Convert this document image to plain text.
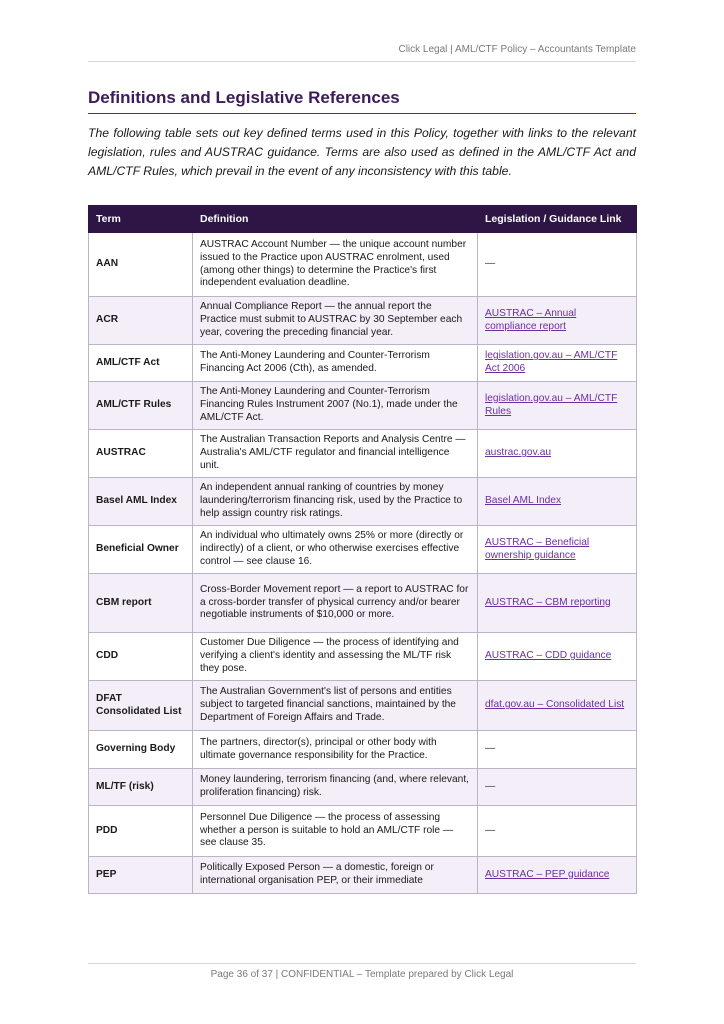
Click Legal | AML/CTF Policy – Accountants Template
Definitions and Legislative References

The following table sets out key defined terms used in this Policy, together with links to the relevant legislation, rules and AUSTRAC guidance. Terms are also used as defined in the AML/CTF Act and AML/CTF Rules, which prevail in the event of any inconsistency with this table.

Term	Definition	Legislation / Guidance Link
AAN	AUSTRAC Account Number — the unique account number issued to the Practice upon AUSTRAC enrolment, used (among other things) to determine the Practice's first independent evaluation deadline.	—
ACR	Annual Compliance Report — the annual report the Practice must submit to AUSTRAC by 30 September each year, covering the preceding financial year.	AUSTRAC – Annual compliance report
AML/CTF Act	The Anti-Money Laundering and Counter-Terrorism Financing Act 2006 (Cth), as amended.	legislation.gov.au – AML/CTF Act 2006
AML/CTF Rules	The Anti-Money Laundering and Counter-Terrorism Financing Rules Instrument 2007 (No.1), made under the AML/CTF Act.	legislation.gov.au – AML/CTF Rules
AUSTRAC	The Australian Transaction Reports and Analysis Centre — Australia's AML/CTF regulator and financial intelligence unit.	austrac.gov.au
Basel AML Index	An independent annual ranking of countries by money laundering/terrorism financing risk, used by the Practice to help assign country risk ratings.	Basel AML Index
Beneficial Owner	An individual who ultimately owns 25% or more (directly or indirectly) of a client, or who otherwise exercises effective control — see clause 16.	AUSTRAC – Beneficial ownership guidance
CBM report	Cross-Border Movement report — a report to AUSTRAC for a cross-border transfer of physical currency and/or bearer negotiable instruments of $10,000 or more.	AUSTRAC – CBM reporting
CDD	Customer Due Diligence — the process of identifying and verifying a client's identity and assessing the ML/TF risk they pose.	AUSTRAC – CDD guidance
DFAT Consolidated List	The Australian Government's list of persons and entities subject to targeted financial sanctions, maintained by the Department of Foreign Affairs and Trade.	dfat.gov.au – Consolidated List
Governing Body	The partners, director(s), principal or other body with ultimate governance responsibility for the Practice.	—
ML/TF (risk)	Money laundering, terrorism financing (and, where relevant, proliferation financing) risk.	—
PDD	Personnel Due Diligence — the process of assessing whether a person is suitable to hold an AML/CTF role — see clause 35.	—
PEP	Politically Exposed Person — a domestic, foreign or international organisation PEP, or their immediate	AUSTRAC – PEP guidance
Page 36 of 37 | CONFIDENTIAL – Template prepared by Click Legal
